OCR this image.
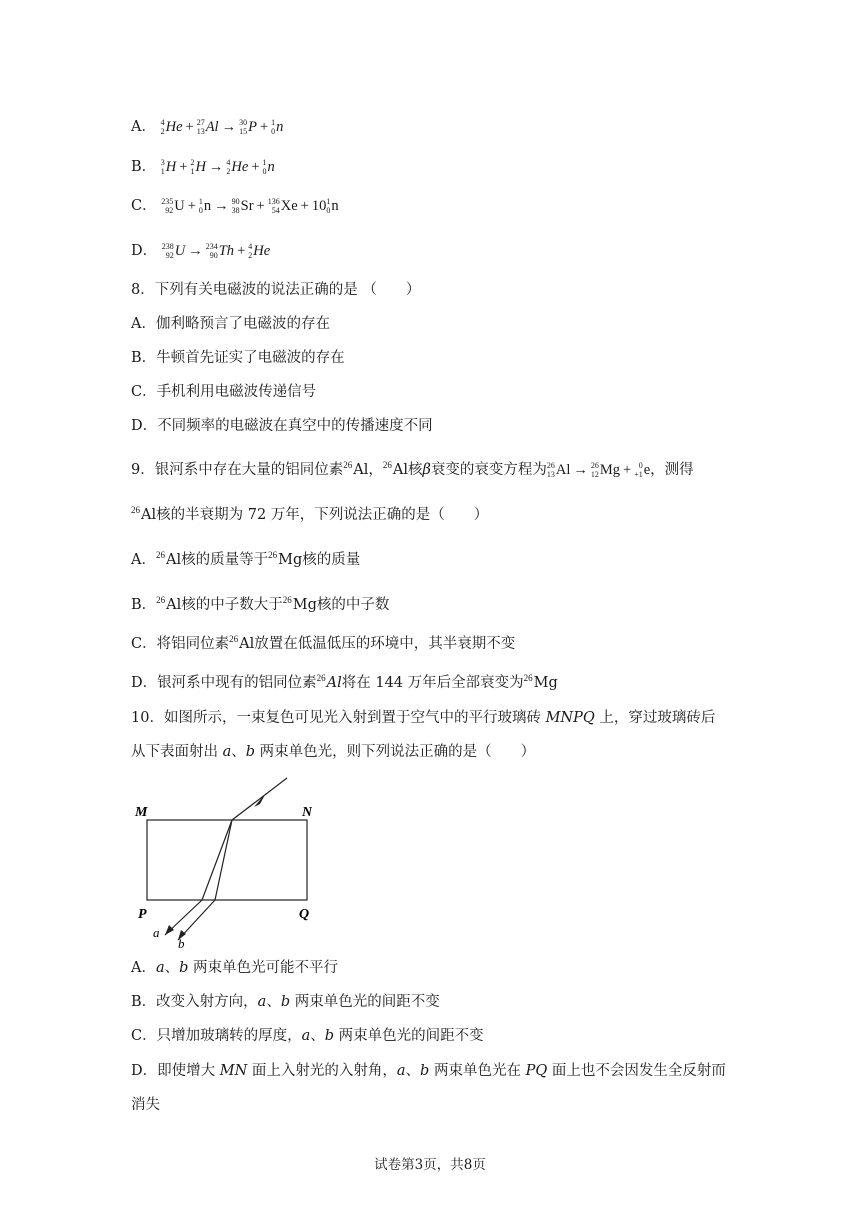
A． 4
2 He + 27
13 Al → 30
15 P + 1
0 n
B． 3
1 H + 2
1 H → 4
2 He + 1
0 n
C． 235
92 U + 1
0 n → 90
38 Sr + 136
54 Xe + 10 1
0 n
D． 238
92 U → 234
90 Th + 4
2 He
8．下列有关电磁波的说法正确的是 （　　）
A．伽利略预言了电磁波的存在
B．牛顿首先证实了电磁波的存在
C．手机利用电磁波传递信号
D．不同频率的电磁波在真空中的传播速度不同
9．银河系中存在大量的铝同位素$^{26}$Al，$^{26}$Al核β衰变的衰变方程为 26
13 Al → 26
12 Mg + 0
+1 e ，测得
$^{26}$Al核的半衰期为 72 万年，下列说法正确的是（　　）
A．$^{26}$Al核的质量等于$^{26}$Mg核的质量
B．$^{26}$Al核的中子数大于$^{26}$Mg核的中子数
C．将铝同位素$^{26}$Al放置在低温低压的环境中，其半衰期不变
D．银河系中现有的铝同位素$^{26}$Al将在 144 万年后全部衰变为$^{26}$Mg
10．如图所示，一束复色可见光入射到置于空气中的平行玻璃砖 MNPQ 上，穿过玻璃砖后
从下表面射出 a、b 两束单色光，则下列说法正确的是（　　）
M	N
P	Q
a
b
A．a、b 两束单色光可能不平行
B．改变入射方向，a、b 两束单色光的间距不变
C．只增加玻璃转的厚度，a、b 两束单色光的间距不变
D．即使增大 MN 面上入射光的入射角，a、b 两束单色光在 PQ 面上也不会因发生全反射而
消失
试卷第3页，共8页
